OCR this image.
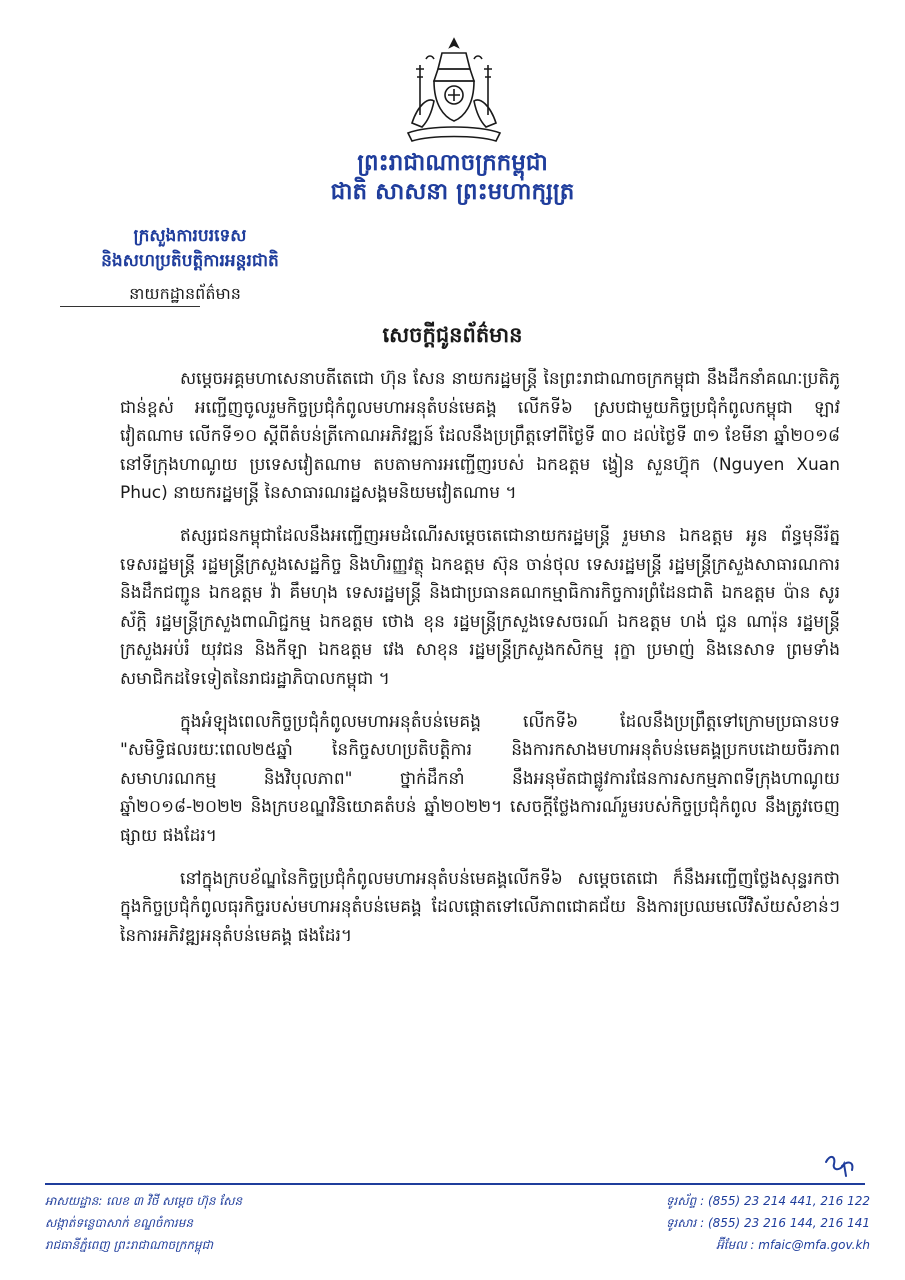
ព្រះរាជាណាចក្រកម្ពុជា
ជាតិ សាសនា ព្រះមហាក្សត្រ
ក្រសួងការបរទេស
និងសហប្រតិបត្តិការអន្តរជាតិ
នាយកដ្ឋានព័ត៌មាន
សេចក្តីជូនព័ត៌មាន

សម្តេចអគ្គមហាសេនាបតីតេជោ ហ៊ុន សែន នាយករដ្ឋមន្ត្រី នៃព្រះរាជាណាចក្រកម្ពុជា នឹងដឹកនាំគណៈប្រតិភូជាន់ខ្ពស់ អញ្ជើញចូលរួមកិច្ចប្រជុំកំពូលមហាអនុតំបន់មេគង្គ លើកទី៦ ស្របជាមួយកិច្ចប្រជុំកំពូលកម្ពុជា ឡាវ វៀតណាម លើកទី១០ ស្តីពីតំបន់ត្រីកោណអភិវឌ្ឍន៍ ដែលនឹងប្រព្រឹត្តទៅពីថ្ងៃទី ៣០ ដល់ថ្ងៃទី ៣១ ខែមីនា ឆ្នាំ២០១៨ នៅទីក្រុងហាណូយ ប្រទេសវៀតណាម តបតាមការអញ្ជើញរបស់ ឯកឧត្តម ង្វៀន សួនហ៊្វុក (Nguyen Xuan Phuc) នាយករដ្ឋមន្ត្រី នៃសាធារណរដ្ឋសង្គមនិយមវៀតណាម ។

ឥស្សរជនកម្ពុជាដែលនឹងអញ្ជើញអមដំណើរសម្តេចតេជោនាយករដ្ឋមន្ត្រី រួមមាន ឯកឧត្តម អូន ព័ន្ធមុនីរ័ត្ន ទេសរដ្ឋមន្ត្រី រដ្ឋមន្ត្រីក្រសួងសេដ្ឋកិច្ច និងហិរញ្ញវត្ថុ ឯកឧត្តម ស៊ុន ចាន់ថុល ទេសរដ្ឋមន្ត្រី រដ្ឋមន្ត្រីក្រសួងសាធារណការ និងដឹកជញ្ជូន ឯកឧត្តម វ៉ា គឹមហុង ទេសរដ្ឋមន្ត្រី និងជាប្រធានគណកម្មាធិការកិច្ចការព្រំដែនជាតិ ឯកឧត្តម ប៉ាន សូរស័ក្តិ រដ្ឋមន្ត្រីក្រសួងពាណិជ្ជកម្ម ឯកឧត្តម ថោង ខុន រដ្ឋមន្ត្រីក្រសួងទេសចរណ៍ ឯកឧត្តម ហង់ ជួន ណារ៉ុន រដ្ឋមន្ត្រីក្រសួងអប់រំ យុវជន និងកីឡា ឯកឧត្តម វេង សាខុន រដ្ឋមន្ត្រីក្រសួងកសិកម្ម រុក្ខា ប្រមាញ់ និងនេសាទ ព្រមទាំងសមាជិកដទៃទៀតនៃរាជរដ្ឋាភិបាលកម្ពុជា ។

ក្នុងអំឡុងពេលកិច្ចប្រជុំកំពូលមហាអនុតំបន់មេគង្គ លើកទី៦ ដែលនឹងប្រព្រឹត្តទៅក្រោមប្រធានបទ "សមិទ្ធិផលរយៈពេល២៥ឆ្នាំ នៃកិច្ចសហប្រតិបត្តិការ និងការកសាងមហាអនុតំបន់មេគង្គប្រកបដោយចីរភាព សមាហរណកម្ម និងវិបុលភាព" ថ្នាក់ដឹកនាំ នឹងអនុម័តជាផ្លូវការផែនការសកម្មភាពទីក្រុងហាណូយ ឆ្នាំ២០១៨-២០២២ និងក្របខណ្ឌវិនិយោគតំបន់ ឆ្នាំ២០២២។ សេចក្តីថ្លែងការណ៍រួមរបស់កិច្ចប្រជុំកំពូល នឹងត្រូវចេញផ្សាយ ផងដែរ។

នៅក្នុងក្របខ័ណ្ឌនៃកិច្ចប្រជុំកំពូលមហាអនុតំបន់មេគង្គលើកទី៦ សម្តេចតេជោ ក៏នឹងអញ្ជើញថ្លែងសុន្ទរកថា ក្នុងកិច្ចប្រជុំកំពូលធុរកិច្ចរបស់មហាអនុតំបន់មេគង្គ ដែលផ្តោតទៅលើភាពជោគជ័យ និងការប្រឈមលើវិស័យសំខាន់ៗ នៃការអភិវឌ្ឍអនុតំបន់មេគង្គ ផងដែរ។

អាសយដ្ឋាន: លេខ ៣ វិថី សម្តេច ហ៊ុន សែន
សង្កាត់ទន្លេបាសាក់ ខណ្ឌចំការមន
រាជធានីភ្នំពេញ ព្រះរាជាណាចក្រកម្ពុជា
ទូរស័ព្ទ : (855) 23 214 441, 216 122
ទូរសារ : (855) 23 216 144, 216 141
អ៊ីមែល : mfaic@mfa.gov.kh
